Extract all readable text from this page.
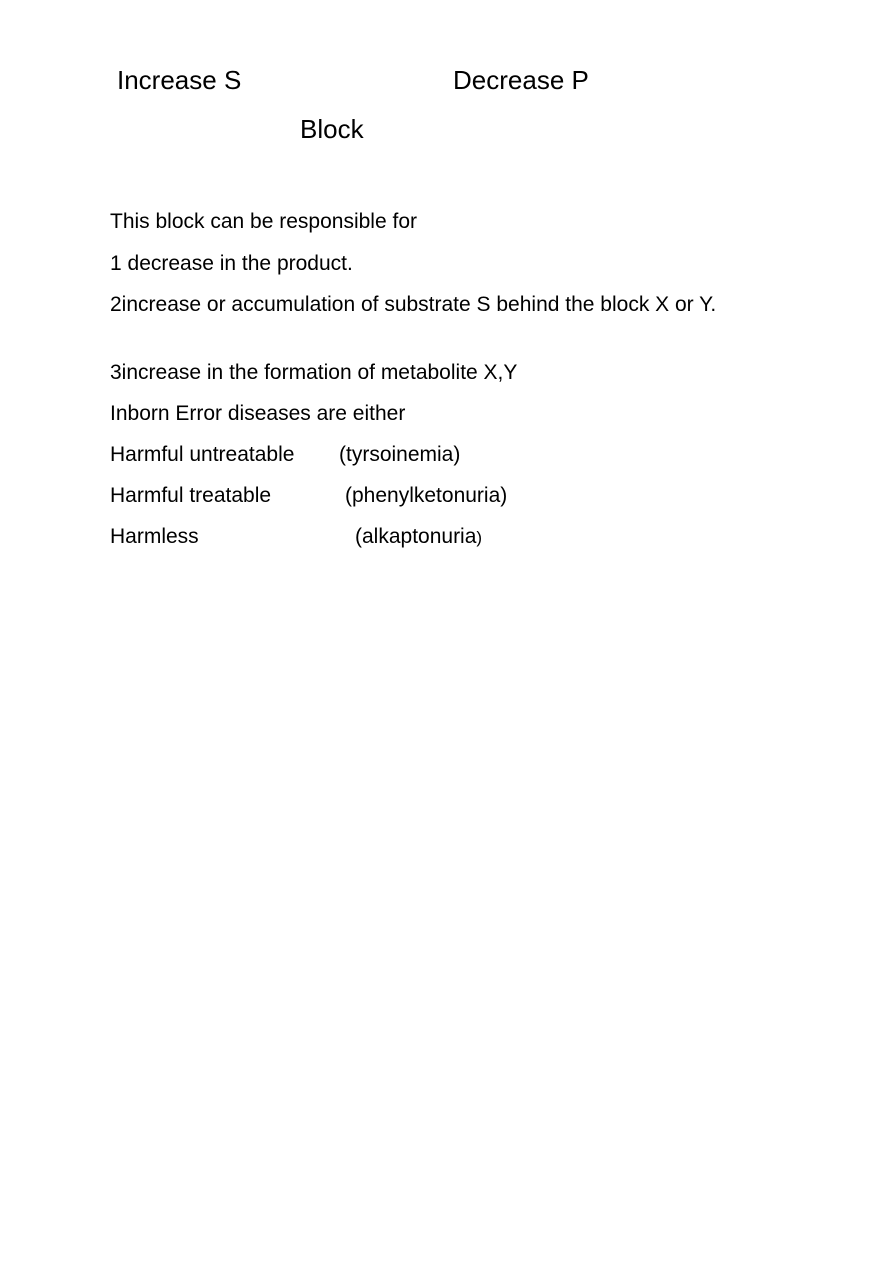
Increase S	Decrease P
Block
This block can be responsible for
1 decrease in the product.
2increase or accumulation of substrate S behind the block X or Y.
3increase in the formation of metabolite X,Y
Inborn Error diseases are either
Harmful untreatable (tyrsoinemia)
Harmful treatable	(phenylketonuria)
Harmless	(alkaptonuria)
